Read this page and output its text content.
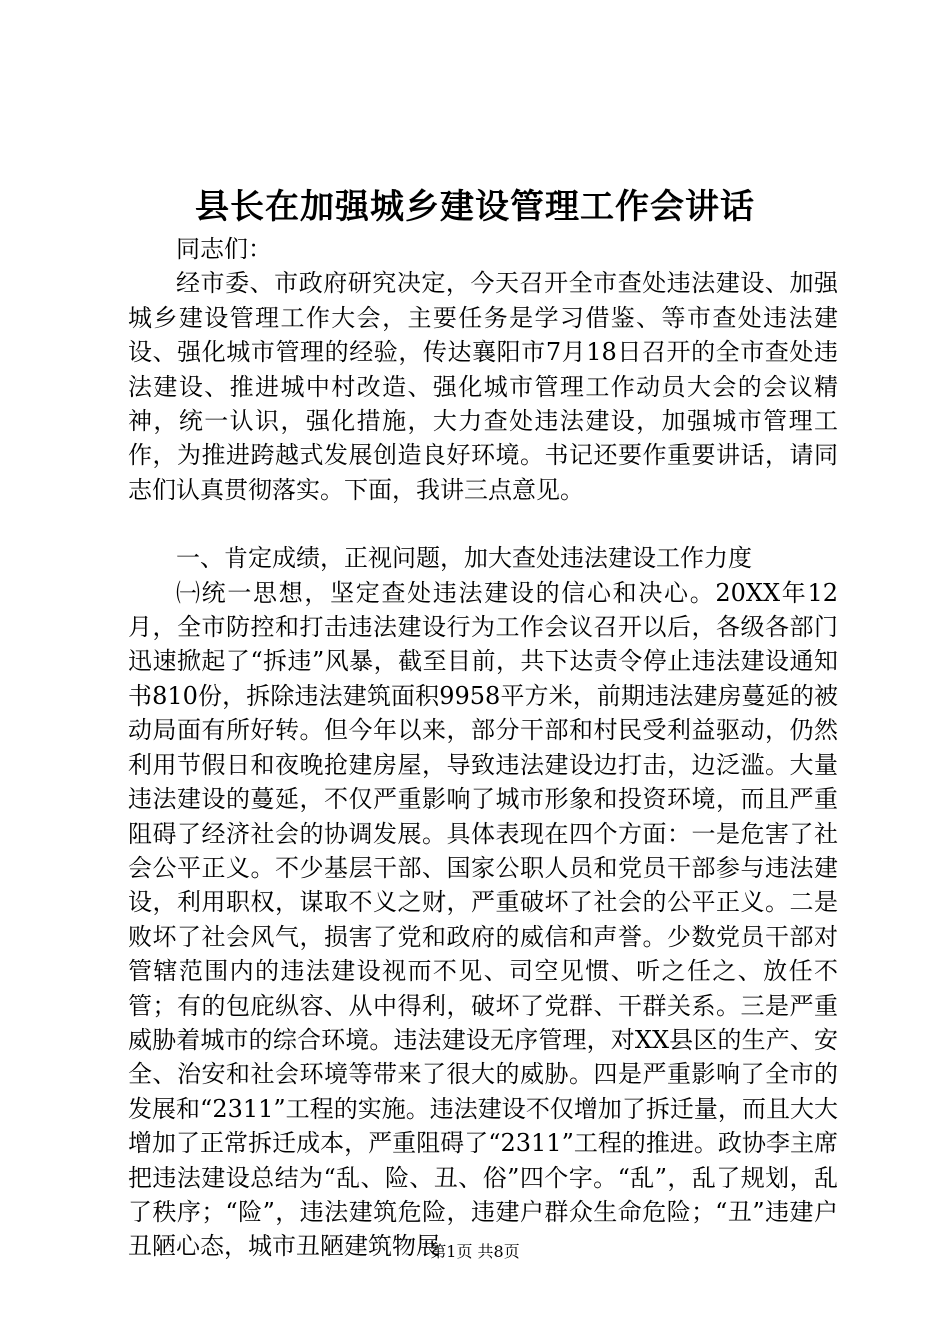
县长在加强城乡建设管理工作会讲话

同志们：

经市委、市政府研究决定，今天召开全市查处违法建设、加强城乡建设管理工作大会，主要任务是学习借鉴、等市查处违法建设、强化城市管理的经验，传达襄阳市7月18日召开的全市查处违法建设、推进城中村改造、强化城市管理工作动员大会的会议精神，统一认识，强化措施，大力查处违法建设，加强城市管理工作，为推进跨越式发展创造良好环境。书记还要作重要讲话，请同志们认真贯彻落实。下面，我讲三点意见。

一、肯定成绩，正视问题，加大查处违法建设工作力度

㈠统一思想，坚定查处违法建设的信心和决心。20XX年12月，全市防控和打击违法建设行为工作会议召开以后，各级各部门迅速掀起了“拆违”风暴，截至目前，共下达责令停止违法建设通知书810份，拆除违法建筑面积9958平方米，前期违法建房蔓延的被动局面有所好转。但今年以来，部分干部和村民受利益驱动，仍然利用节假日和夜晚抢建房屋，导致违法建设边打击，边泛滥。大量违法建设的蔓延，不仅严重影响了城市形象和投资环境，而且严重阻碍了经济社会的协调发展。具体表现在四个方面：一是危害了社会公平正义。不少基层干部、国家公职人员和党员干部参与违法建设，利用职权，谋取不义之财，严重破坏了社会的公平正义。二是败坏了社会风气，损害了党和政府的威信和声誉。少数党员干部对管辖范围内的违法建设视而不见、司空见惯、听之任之、放任不管；有的包庇纵容、从中得利，破坏了党群、干群关系。三是严重威胁着城市的综合环境。违法建设无序管理，对XX县区的生产、安全、治安和社会环境等带来了很大的威胁。四是严重影响了全市的发展和“2311”工程的实施。违法建设不仅增加了拆迁量，而且大大增加了正常拆迁成本，严重阻碍了“2311”工程的推进。政协李主席把违法建设总结为“乱、险、丑、俗”四个字。“乱”，乱了规划，乱了秩序；“险”，违法建筑危险，违建户群众生命危险；“丑”违建户丑陋心态，城市丑陋建筑物展

第1页 共8页
